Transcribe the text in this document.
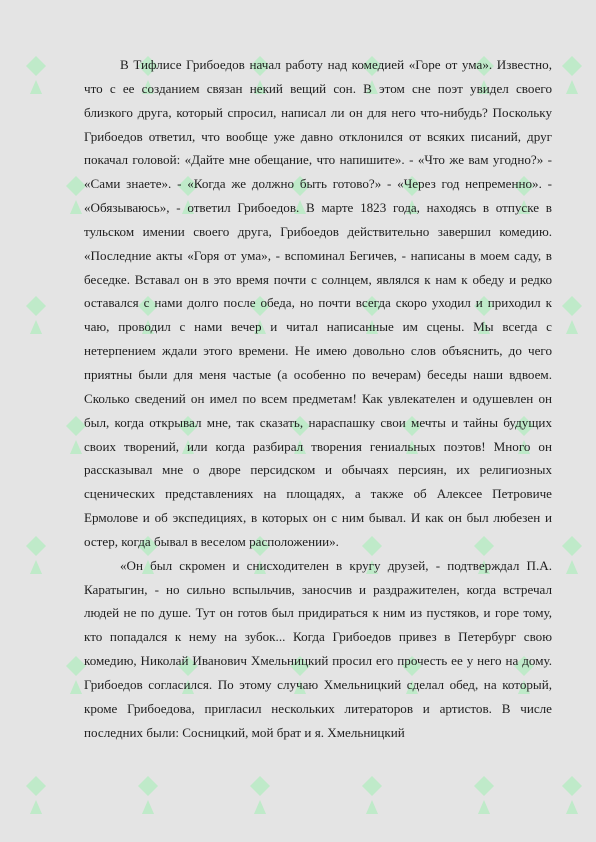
В Тифлисе Грибоедов начал работу над комедией «Горе от ума». Известно, что с ее созданием связан некий вещий сон. В этом сне поэт увидел своего близкого друга, который спросил, написал ли он для него что-нибудь? Поскольку Грибоедов ответил, что вообще уже давно отклонился от всяких писаний, друг покачал головой: «Дайте мне обещание, что напишите». - «Что же вам угодно?» - «Сами знаете». - «Когда же должно быть готово?» - «Через год непременно». - «Обязываюсь», - ответил Грибоедов. В марте 1823 года, находясь в отпуске в тульском имении своего друга, Грибоедов действительно завершил комедию. «Последние акты «Горя от ума», - вспоминал Бегичев, - написаны в моем саду, в беседке. Вставал он в это время почти с солнцем, являлся к нам к обеду и редко оставался с нами долго после обеда, но почти всегда скоро уходил и приходил к чаю, проводил с нами вечер и читал написанные им сцены. Мы всегда с нетерпением ждали этого времени. Не имею довольно слов объяснить, до чего приятны были для меня частые (а особенно по вечерам) беседы наши вдвоем. Сколько сведений он имел по всем предметам! Как увлекателен и одушевлен он был, когда открывал мне, так сказать, нараспашку свои мечты и тайны будущих своих творений, или когда разбирал творения гениальных поэтов! Много он рассказывал мне о дворе персидском и обычаях персиян, их религиозных сценических представлениях на площадях, а также об Алексее Петровиче Ермолове и об экспедициях, в которых он с ним бывал. И как он был любезен и остер, когда бывал в веселом расположении».

«Он был скромен и снисходителен в кругу друзей, - подтверждал П.А. Каратыгин, - но сильно вспыльчив, заносчив и раздражителен, когда встречал людей не по душе. Тут он готов был придираться к ним из пустяков, и горе тому, кто попадался к нему на зубок... Когда Грибоедов привез в Петербург свою комедию, Николай Иванович Хмельницкий просил его прочесть ее у него на дому. Грибоедов согласился. По этому случаю Хмельницкий сделал обед, на который, кроме Грибоедова, пригласил нескольких литераторов и артистов. В числе последних были: Сосницкий, мой брат и я. Хмельницкий
